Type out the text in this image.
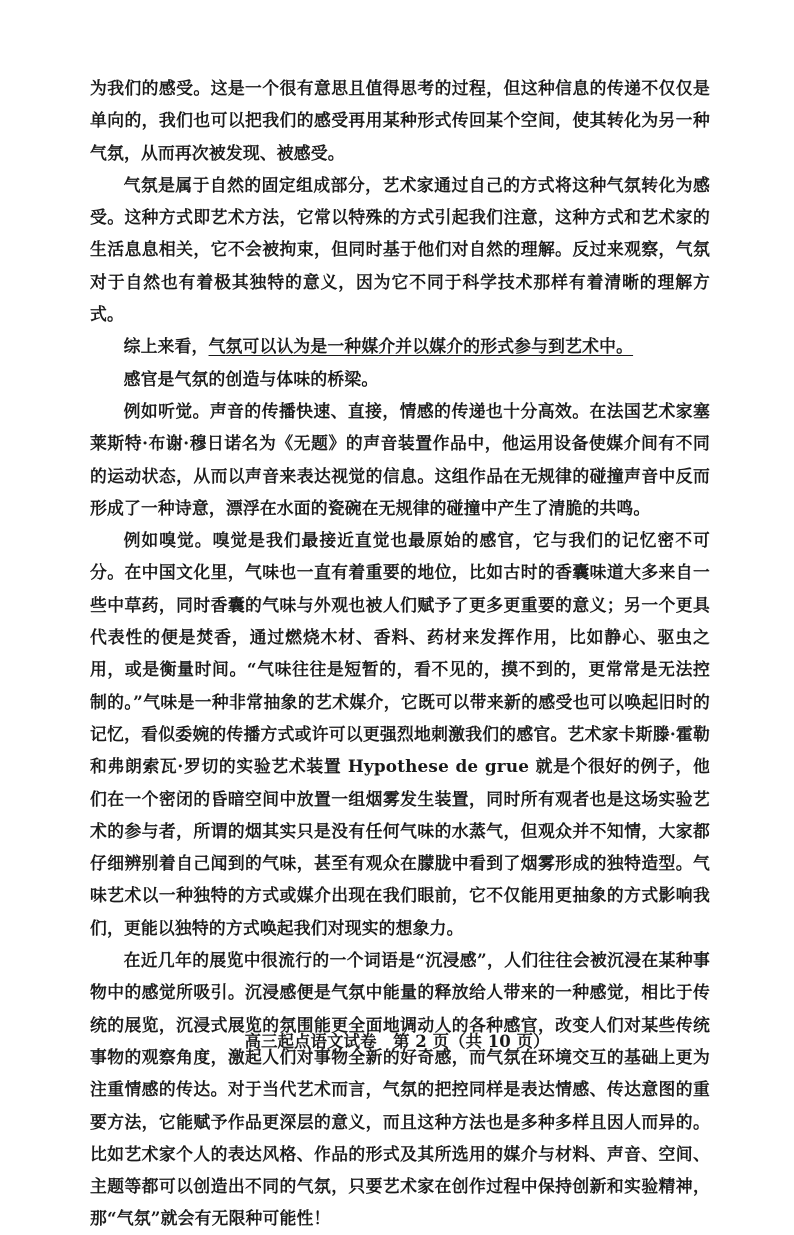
为我们的感受。这是一个很有意思且值得思考的过程，但这种信息的传递不仅仅是单向的，我们也可以把我们的感受再用某种形式传回某个空间，使其转化为另一种气氛，从而再次被发现、被感受。

气氛是属于自然的固定组成部分，艺术家通过自己的方式将这种气氛转化为感受。这种方式即艺术方法，它常以特殊的方式引起我们注意，这种方式和艺术家的生活息息相关，它不会被拘束，但同时基于他们对自然的理解。反过来观察，气氛对于自然也有着极其独特的意义，因为它不同于科学技术那样有着清晰的理解方式。

综上来看，气氛可以认为是一种媒介并以媒介的形式参与到艺术中。

感官是气氛的创造与体味的桥梁。

例如听觉。声音的传播快速、直接，情感的传递也十分高效。在法国艺术家塞莱斯特·布谢·穆日诺名为《无题》的声音装置作品中，他运用设备使媒介间有不同的运动状态，从而以声音来表达视觉的信息。这组作品在无规律的碰撞声音中反而形成了一种诗意，漂浮在水面的瓷碗在无规律的碰撞中产生了清脆的共鸣。

例如嗅觉。嗅觉是我们最接近直觉也最原始的感官，它与我们的记忆密不可分。在中国文化里，气味也一直有着重要的地位，比如古时的香囊味道大多来自一些中草药，同时香囊的气味与外观也被人们赋予了更多更重要的意义；另一个更具代表性的便是焚香，通过燃烧木材、香料、药材来发挥作用，比如静心、驱虫之用，或是衡量时间。“气味往往是短暂的，看不见的，摸不到的，更常常是无法控制的。”气味是一种非常抽象的艺术媒介，它既可以带来新的感受也可以唤起旧时的记忆，看似委婉的传播方式或许可以更强烈地刺激我们的感官。艺术家卡斯滕·霍勒和弗朗索瓦·罗切的实验艺术装置 Hypothese de grue 就是个很好的例子，他们在一个密闭的昏暗空间中放置一组烟雾发生装置，同时所有观者也是这场实验艺术的参与者，所谓的烟其实只是没有任何气味的水蒸气，但观众并不知情，大家都仔细辨别着自己闻到的气味，甚至有观众在朦胧中看到了烟雾形成的独特造型。气味艺术以一种独特的方式或媒介出现在我们眼前，它不仅能用更抽象的方式影响我们，更能以独特的方式唤起我们对现实的想象力。

在近几年的展览中很流行的一个词语是“沉浸感”，人们往往会被沉浸在某种事物中的感觉所吸引。沉浸感便是气氛中能量的释放给人带来的一种感觉，相比于传统的展览，沉浸式展览的氛围能更全面地调动人的各种感官，改变人们对某些传统事物的观察角度，激起人们对事物全新的好奇感，而气氛在环境交互的基础上更为注重情感的传达。对于当代艺术而言，气氛的把控同样是表达情感、传达意图的重要方法，它能赋予作品更深层的意义，而且这种方法也是多种多样且因人而异的。比如艺术家个人的表达风格、作品的形式及其所选用的媒介与材料、声音、空间、主题等都可以创造出不同的气氛，只要艺术家在创作过程中保持创新和实验精神，那“气氛”就会有无限种可能性！

高三起点语文试卷　第 2 页（共 10 页）
